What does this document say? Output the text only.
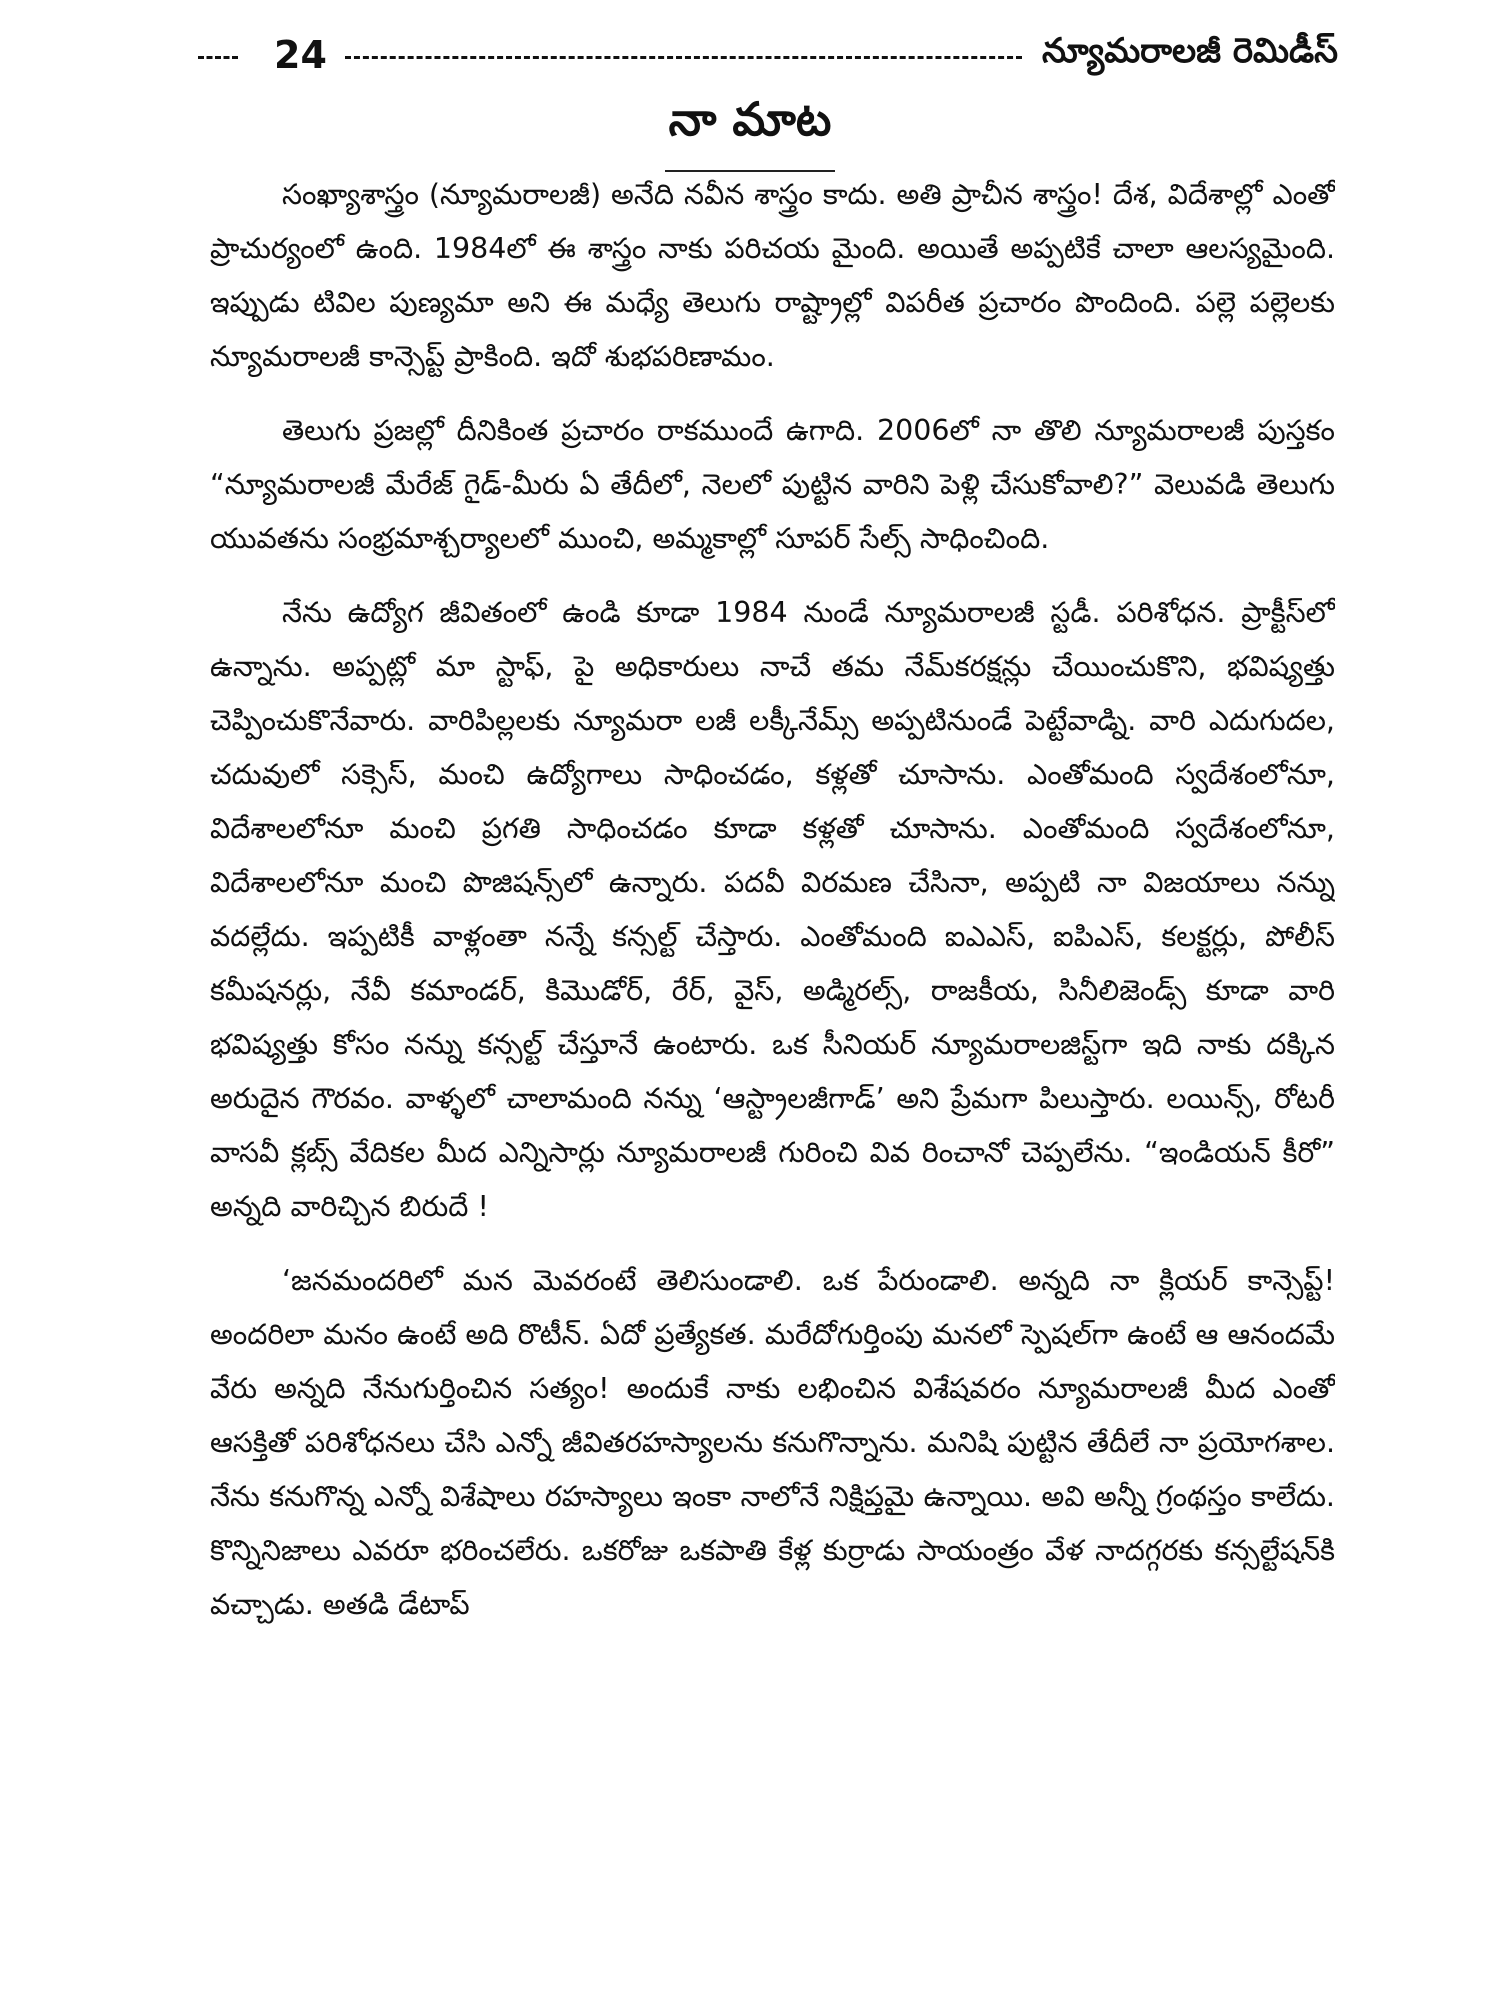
24	న్యూమరాలజీ రెమిడీస్
నా మాట

సంఖ్యాశాస్త్రం (న్యూమరాలజీ) అనేది నవీన శాస్త్రం కాదు. అతి ప్రాచీన శాస్త్రం! దేశ, విదేశాల్లో ఎంతో ప్రాచుర్యంలో ఉంది. 1984లో ఈ శాస్త్రం నాకు పరిచయ మైంది. అయితే అప్పటికే చాలా ఆలస్యమైంది. ఇప్పుడు టివిల పుణ్యమా అని ఈ మధ్యే తెలుగు రాష్ట్రాల్లో విపరీత ప్రచారం పొందింది. పల్లె పల్లెలకు న్యూమరాలజీ కాన్సెప్ట్ ప్రాకింది. ఇదో శుభపరిణామం.

తెలుగు ప్రజల్లో దీనికింత ప్రచారం రాకముందే ఉగాది. 2006లో నా తొలి న్యూమరాలజీ పుస్తకం “న్యూమరాలజీ మేరేజ్ గైడ్-మీరు ఏ తేదీలో, నెలలో పుట్టిన వారిని పెళ్లి చేసుకోవాలి?” వెలువడి తెలుగు యువతను సంభ్రమాశ్చర్యాలలో ముంచి, అమ్మకాల్లో సూపర్ సేల్స్ సాధించింది.

నేను ఉద్యోగ జీవితంలో ఉండి కూడా 1984 నుండే న్యూమరాలజీ స్టడీ. పరిశోధన. ప్రాక్టీస్‌లో ఉన్నాను. అప్పట్లో మా స్టాఫ్, పై అధికారులు నాచే తమ నేమ్‌కరక్షన్లు చేయించుకొని, భవిష్యత్తు చెప్పించుకొనేవారు. వారిపిల్లలకు న్యూమరా లజీ లక్కీనేమ్స్ అప్పటినుండే పెట్టేవాడ్ని. వారి ఎదుగుదల, చదువులో సక్సెస్, మంచి ఉద్యోగాలు సాధించడం, కళ్లతో చూసాను. ఎంతోమంది స్వదేశంలోనూ, విదేశాలలోనూ మంచి ప్రగతి సాధించడం కూడా కళ్లతో చూసాను. ఎంతోమంది స్వదేశంలోనూ, విదేశాలలోనూ మంచి పొజిషన్స్‌లో ఉన్నారు. పదవీ విరమణ చేసినా, అప్పటి నా విజయాలు నన్ను వదల్లేదు. ఇప్పటికీ వాళ్లంతా నన్నే కన్సల్ట్ చేస్తారు. ఎంతోమంది ఐఎఎస్, ఐపిఎస్, కలక్టర్లు, పోలీస్ కమీషనర్లు, నేవీ కమాండర్, కిమొడోర్, రేర్, వైస్, అడ్మిరల్స్, రాజకీయ, సినీలిజెండ్స్ కూడా వారి భవిష్యత్తు కోసం నన్ను కన్సల్ట్ చేస్తూనే ఉంటారు. ఒక సీనియర్ న్యూమరాలజిస్ట్‌గా ఇది నాకు దక్కిన అరుదైన గౌరవం. వాళ్ళలో చాలామంది నన్ను ‘ఆస్ట్రాలజీగాడ్’ అని ప్రేమగా పిలుస్తారు. లయిన్స్, రోటరీ వాసవీ క్లబ్స్ వేదికల మీద ఎన్నిసార్లు న్యూమరాలజీ గురించి వివ రించానో చెప్పలేను. “ఇండియన్ కీరో” అన్నది వారిచ్చిన బిరుదే !

‘జనమందరిలో మన మెవరంటే తెలిసుండాలి. ఒక పేరుండాలి. అన్నది నా క్లియర్ కాన్సెప్ట్! అందరిలా మనం ఉంటే అది రొటీన్. ఏదో ప్రత్యేకత. మరేదోగుర్తింపు మనలో స్పెషల్‌గా ఉంటే ఆ ఆనందమే వేరు అన్నది నేనుగుర్తించిన సత్యం! అందుకే నాకు లభించిన విశేషవరం న్యూమరాలజీ మీద ఎంతో ఆసక్తితో పరిశోధనలు చేసి ఎన్నో జీవితరహస్యాలను కనుగొన్నాను. మనిషి పుట్టిన తేదీలే నా ప్రయోగశాల. నేను కనుగొన్న ఎన్నో విశేషాలు రహస్యాలు ఇంకా నాలోనే నిక్షిప్తమై ఉన్నాయి. అవి అన్నీ గ్రంథస్తం కాలేదు. కొన్నినిజాలు ఎవరూ భరించలేరు. ఒకరోజు ఒకపాతి కేళ్ల కుర్రాడు సాయంత్రం వేళ నాదగ్గరకు కన్సల్టేషన్‌కి వచ్చాడు. అతడి డేటాప్
